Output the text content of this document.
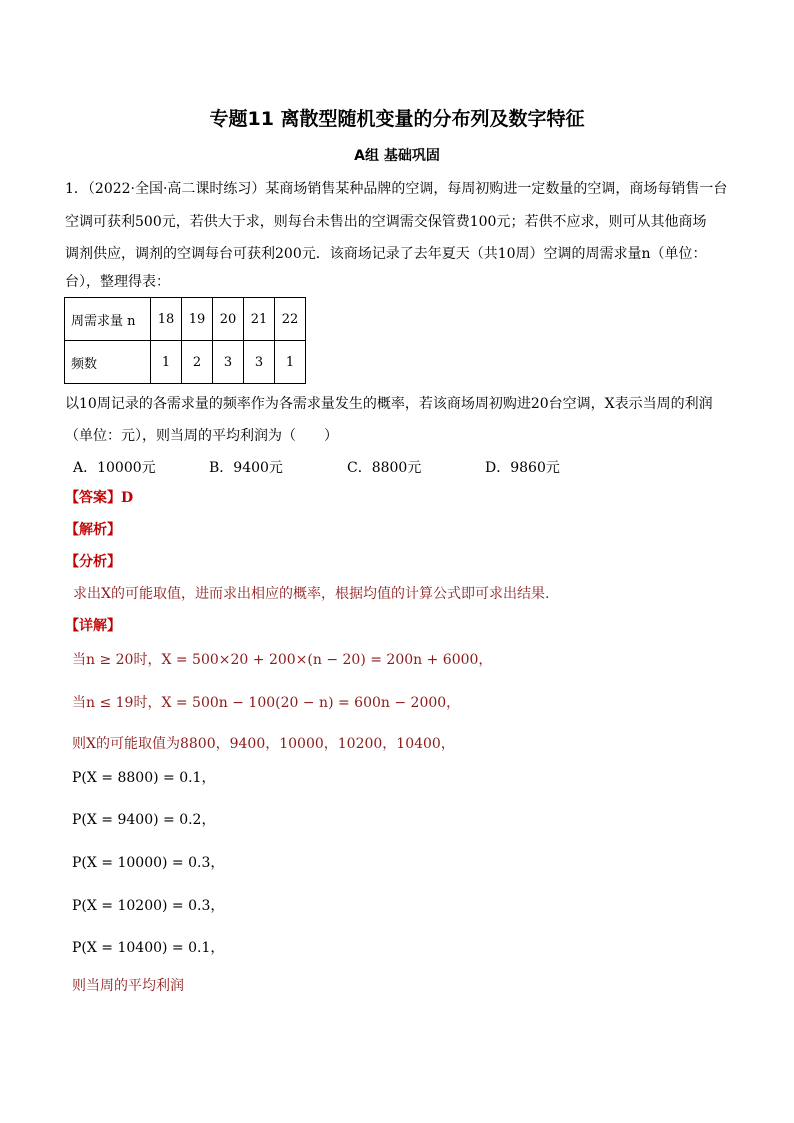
专题11 离散型随机变量的分布列及数字特征
A组 基础巩固
1．（2022·全国·高二课时练习）某商场销售某种品牌的空调，每周初购进一定数量的空调，商场每销售一台
空调可获利500元，若供大于求，则每台未售出的空调需交保管费100元；若供不应求，则可从其他商场
调剂供应，调剂的空调每台可获利200元．该商场记录了去年夏天（共10周）空调的周需求量n（单位：
台），整理得表：
周需求量 n	18	19	20	21	22
频数	1	2	3	3	1
以10周记录的各需求量的频率作为各需求量发生的概率，若该商场周初购进20台空调，X表示当周的利润
（单位：元），则当周的平均利润为（　　）
A．10000元	B．9400元	C．8800元	D．9860元
【答案】D
【解析】
【分析】
求出X的可能取值，进而求出相应的概率，根据均值的计算公式即可求出结果.
【详解】
当n ≥ 20时，X = 500×20 + 200×(n − 20) = 200n + 6000，
当n ≤ 19时，X = 500n − 100(20 − n) = 600n − 2000，
则X的可能取值为8800，9400，10000，10200，10400，
P(X = 8800) = 0.1，
P(X = 9400) = 0.2，
P(X = 10000) = 0.3，
P(X = 10200) = 0.3，
P(X = 10400) = 0.1，
则当周的平均利润
